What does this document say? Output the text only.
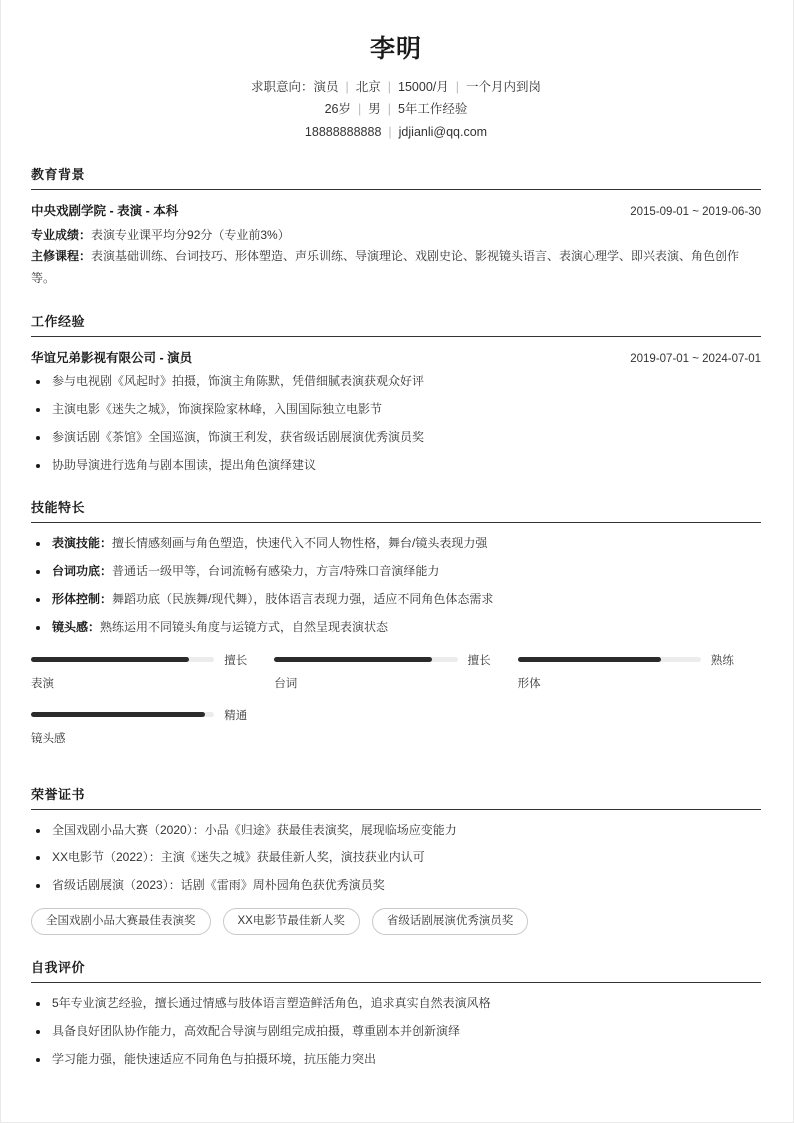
李明
求职意向：演员 | 北京 | 15000/月 | 一个月内到岗
26岁 | 男 | 5年工作经验
18888888888 | jdjianli@qq.com
教育背景
中央戏剧学院 - 表演 - 本科	2015-09-01 ~ 2019-06-30
专业成绩：表演专业课平均分92分（专业前3%）
主修课程：表演基础训练、台词技巧、形体塑造、声乐训练、导演理论、戏剧史论、影视镜头语言、表演心理学、即兴表演、角色创作等。
工作经验
华谊兄弟影视有限公司 - 演员	2019-07-01 ~ 2024-07-01
参与电视剧《风起时》拍摄，饰演主角陈默，凭借细腻表演获观众好评
主演电影《迷失之城》，饰演探险家林峰，入围国际独立电影节
参演话剧《茶馆》全国巡演，饰演王利发，获省级话剧展演优秀演员奖
协助导演进行选角与剧本围读，提出角色演绎建议
技能特长
表演技能：擅长情感刻画与角色塑造，快速代入不同人物性格，舞台/镜头表现力强
台词功底：普通话一级甲等，台词流畅有感染力，方言/特殊口音演绎能力
形体控制：舞蹈功底（民族舞/现代舞），肢体语言表现力强，适应不同角色体态需求
镜头感：熟练运用不同镜头角度与运镜方式，自然呈现表演状态
擅长
表演
擅长
台词
熟练
形体
精通
镜头感
荣誉证书
全国戏剧小品大赛（2020）：小品《归途》获最佳表演奖，展现临场应变能力
XX电影节（2022）：主演《迷失之城》获最佳新人奖，演技获业内认可
省级话剧展演（2023）：话剧《雷雨》周朴园角色获优秀演员奖
全国戏剧小品大赛最佳表演奖	XX电影节最佳新人奖	省级话剧展演优秀演员奖
自我评价
5年专业演艺经验，擅长通过情感与肢体语言塑造鲜活角色，追求真实自然表演风格
具备良好团队协作能力，高效配合导演与剧组完成拍摄，尊重剧本并创新演绎
学习能力强，能快速适应不同角色与拍摄环境，抗压能力突出
